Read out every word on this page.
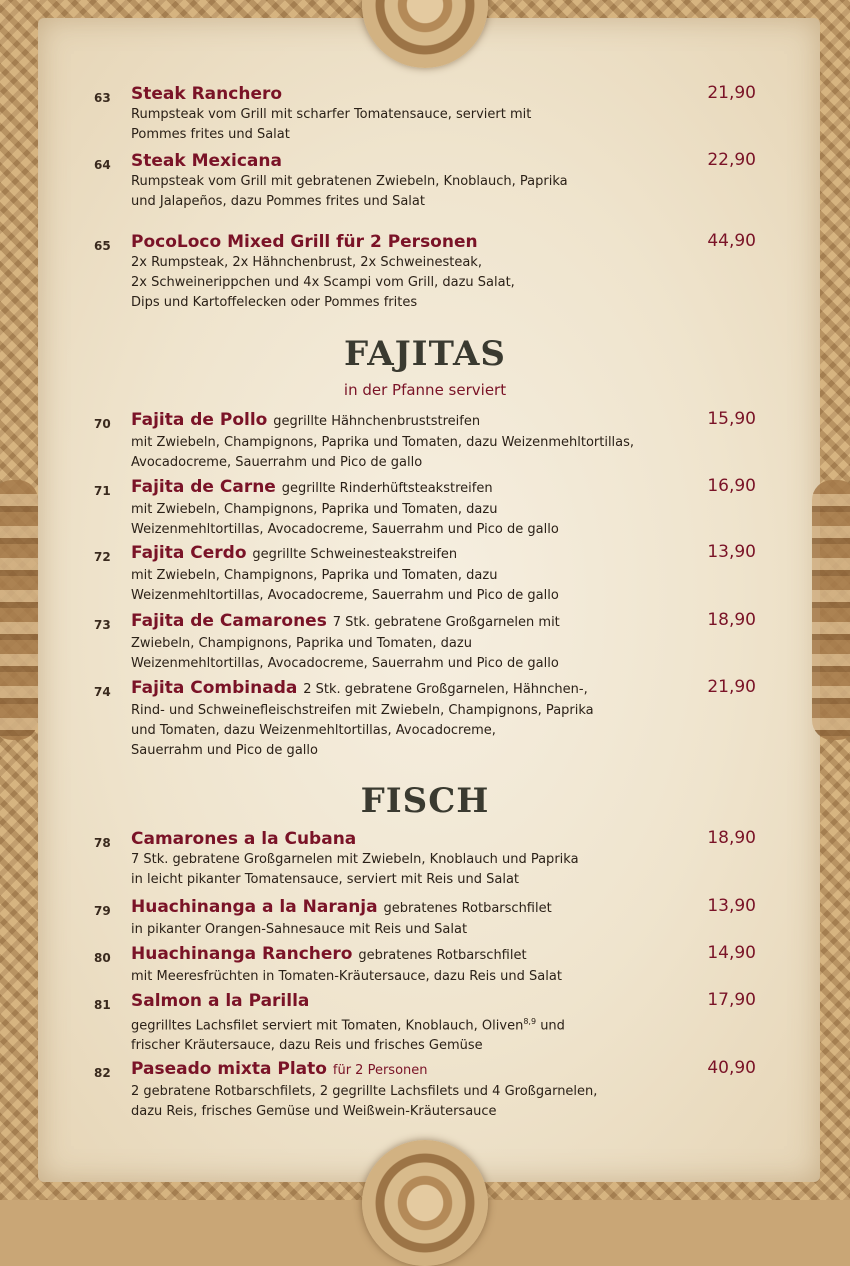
63 Steak Ranchero
Rumpsteak vom Grill mit scharfer Tomatensauce, serviert mit
Pommes frites und Salat
21,90
64 Steak Mexicana
Rumpsteak vom Grill mit gebratenen Zwiebeln, Knoblauch, Paprika
und Jalapeños, dazu Pommes frites und Salat
22,90
65 PocoLoco Mixed Grill für 2 Personen
2x Rumpsteak, 2x Hähnchenbrust, 2x Schweinesteak,
2x Schweinerippchen und 4x Scampi vom Grill, dazu Salat,
Dips und Kartoffelecken oder Pommes frites
44,90
FAJITAS
in der Pfanne serviert
70 Fajita de Pollo gegrillte Hähnchenbruststreifen
mit Zwiebeln, Champignons, Paprika und Tomaten, dazu Weizenmehltortillas,
Avocadocreme, Sauerrahm und Pico de gallo
15,90
71 Fajita de Carne gegrillte Rinderhüftsteakstreifen
mit Zwiebeln, Champignons, Paprika und Tomaten, dazu
Weizenmehltortillas, Avocadocreme, Sauerrahm und Pico de gallo
16,90
72 Fajita Cerdo gegrillte Schweinesteakstreifen
mit Zwiebeln, Champignons, Paprika und Tomaten, dazu
Weizenmehltortillas, Avocadocreme, Sauerrahm und Pico de gallo
13,90
73 Fajita de Camarones 7 Stk. gebratene Großgarnelen mit
Zwiebeln, Champignons, Paprika und Tomaten, dazu
Weizenmehltortillas, Avocadocreme, Sauerrahm und Pico de gallo
18,90
74 Fajita Combinada 2 Stk. gebratene Großgarnelen, Hähnchen-,
Rind- und Schweinefleischstreifen mit Zwiebeln, Champignons, Paprika
und Tomaten, dazu Weizenmehltortillas, Avocadocreme,
Sauerrahm und Pico de gallo
21,90
FISCH
78 Camarones a la Cubana
7 Stk. gebratene Großgarnelen mit Zwiebeln, Knoblauch und Paprika
in leicht pikanter Tomatensauce, serviert mit Reis und Salat
18,90
79 Huachinanga a la Naranja gebratenes Rotbarschfilet
in pikanter Orangen-Sahnesauce mit Reis und Salat
13,90
80 Huachinanga Ranchero gebratenes Rotbarschfilet
mit Meeresfrüchten in Tomaten-Kräutersauce, dazu Reis und Salat
14,90
81 Salmon a la Parilla
gegrilltes Lachsfilet serviert mit Tomaten, Knoblauch, Oliven$^{8,9}$ und
frischer Kräutersauce, dazu Reis und frisches Gemüse
17,90
82 Paseado mixta Plato für 2 Personen
2 gebratene Rotbarschfilets, 2 gegrillte Lachsfilets und 4 Großgarnelen,
dazu Reis, frisches Gemüse und Weißwein-Kräutersauce
40,90
